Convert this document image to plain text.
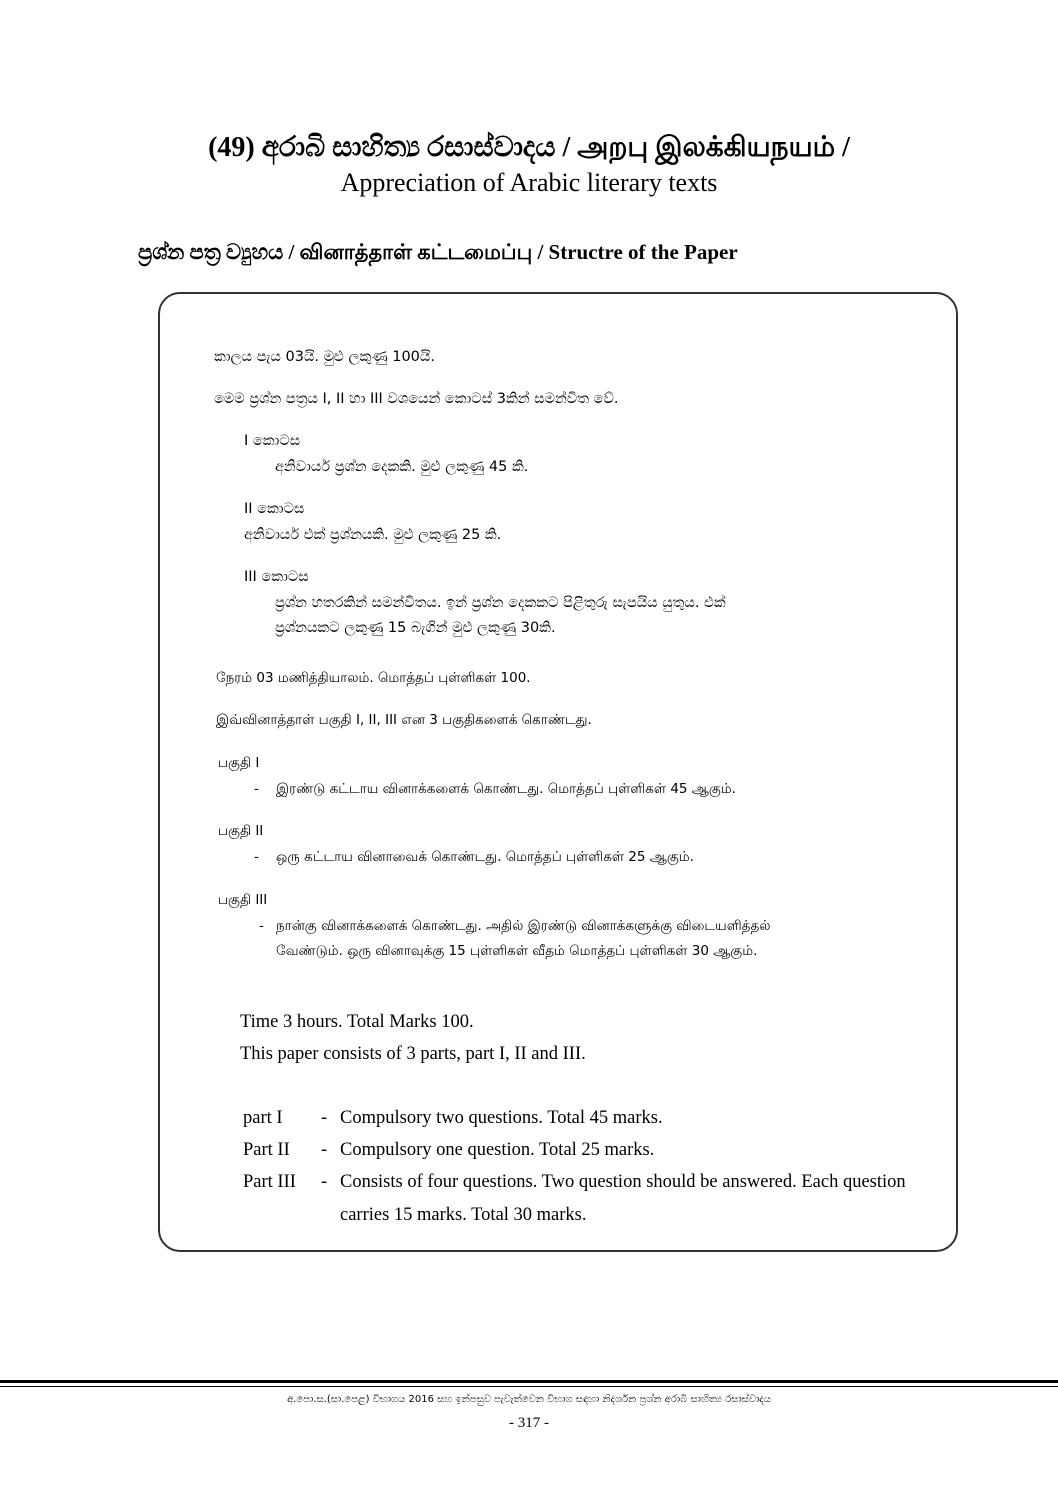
(49) අරාබි සාහිත්‍ය රසාස්වාදය / அறபு இலக்கியநயம் /
Appreciation of Arabic literary texts
ප්‍රශ්න පත්‍ර ව්‍යුහය / வினாத்தாள் கட்டமைப்பு / Structre of the Paper
කාලය පැය 03යි. මුළු ලකුණු 100යි.
මෙම ප්‍රශ්න පත්‍රය I, II හා III වශයෙන් කොටස් 3කින් සමන්විත වේ.
I කොටස
අනිවාර්ය ප්‍රශ්න දෙකකි. මුළු ලකුණු 45 කි.
II කොටස
අනිවාර්ය එක් ප්‍රශ්නයකි. මුළු ලකුණු 25 කි.
III කොටස
ප්‍රශ්න හතරකින් සමන්විතය. ඉන් ප්‍රශ්න දෙකකට පිළිතුරු සැපයිය යුතුය. එක්
ප්‍රශ්නයකට ලකුණු 15 බැගින් මුළු ලකුණු 30කි.
நேரம் 03 மணித்தியாலம். மொத்தப் புள்ளிகள் 100.
இவ்வினாத்தாள் பகுதி I, II, III என 3 பகுதிகளைக் கொண்டது.
பகுதி I
- இரண்டு கட்டாய வினாக்களைக் கொண்டது. மொத்தப் புள்ளிகள் 45 ஆகும்.
பகுதி II
- ஒரு கட்டாய வினாவைக் கொண்டது. மொத்தப் புள்ளிகள் 25 ஆகும்.
பகுதி III
- நான்கு வினாக்களைக் கொண்டது. அதில் இரண்டு வினாக்களுக்கு விடையளித்தல்
வேண்டும். ஒரு வினாவுக்கு 15 புள்ளிகள் வீதம் மொத்தப் புள்ளிகள் 30 ஆகும்.
Time 3 hours. Total Marks 100.
This paper consists of 3 parts, part I, II and III.
part I - Compulsory two questions. Total 45 marks.
Part II - Compulsory one question. Total 25 marks.
Part III - Consists of four questions. Two question should be answered. Each question
carries 15 marks. Total 30 marks.
අ.පො.ස.(සා.පෙළ) විභාගය 2016 සහ ඉන්පසුව පැවැත්වෙන විභාග සඳහා නිදර්ශන ප්‍රශ්න අරාබි සාහිත්‍ය රසාස්වාදය
- 317 -
